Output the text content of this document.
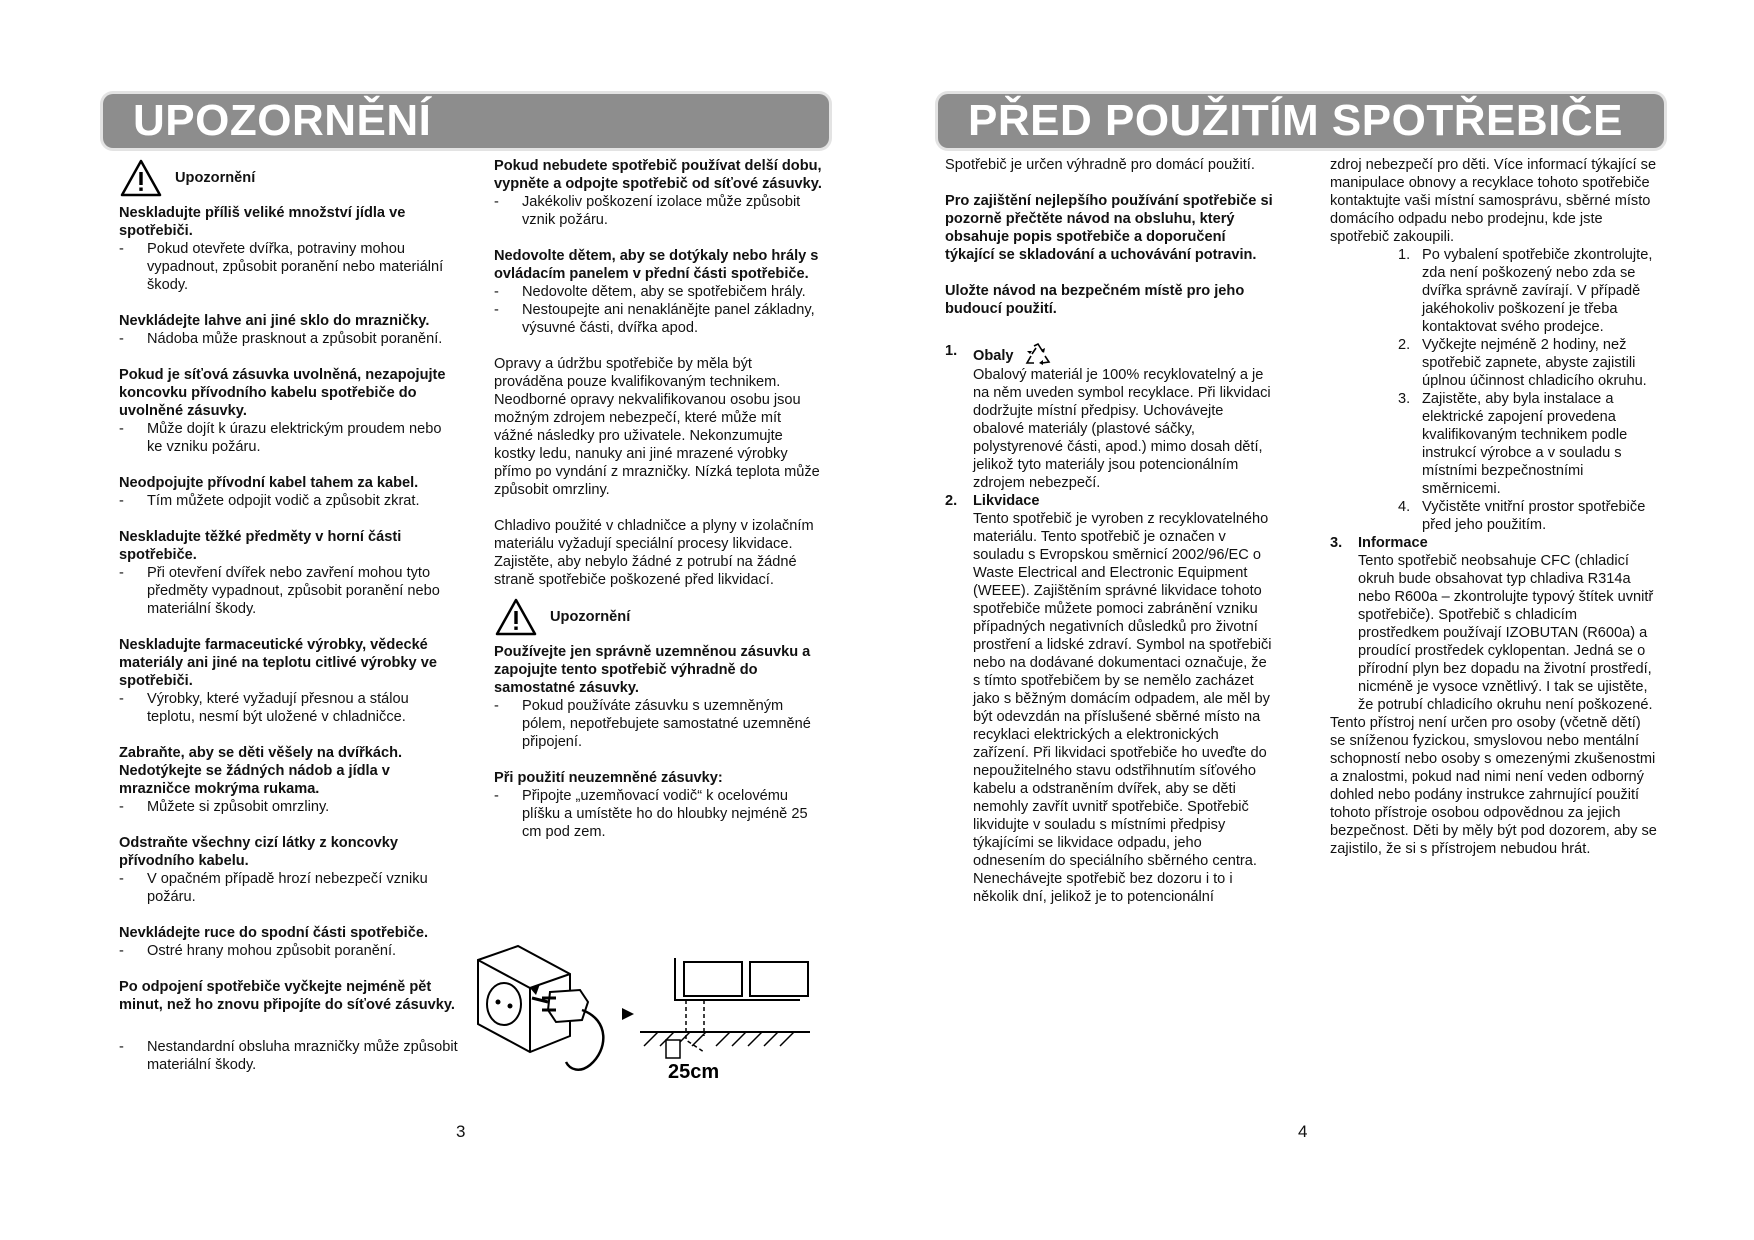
UPOZORNĚNÍ
Upozornění

Neskladujte příliš veliké množství jídla ve spotřebiči.

- Pokud otevřete dvířka, potraviny mohou vypadnout, způsobit poranění nebo materiální škody.

Nevkládejte lahve ani jiné sklo do mrazničky.

- Nádoba může prasknout a způsobit poranění.

Pokud je síťová zásuvka uvolněná, nezapojujte koncovku přívodního kabelu spotřebiče do uvolněné zásuvky.

- Může dojít k úrazu elektrickým proudem nebo ke vzniku požáru.

Neodpojujte přívodní kabel tahem za kabel.

- Tím můžete odpojit vodič a způsobit zkrat.

Neskladujte těžké předměty v horní části spotřebiče.

- Při otevření dvířek nebo zavření mohou tyto předměty vypadnout, způsobit poranění nebo materiální škody.

Neskladujte farmaceutické výrobky, vědecké materiály ani jiné na teplotu citlivé výrobky ve spotřebiči.

- Výrobky, které vyžadují přesnou a stálou teplotu, nesmí být uložené v chladničce.

Zabraňte, aby se děti věšely na dvířkách. Nedotýkejte se žádných nádob a jídla v mrazničce mokrýma rukama.

- Můžete si způsobit omrzliny.

Odstraňte všechny cizí látky z koncovky přívodního kabelu.

- V opačném případě hrozí nebezpečí vzniku požáru.

Nevkládejte ruce do spodní části spotřebiče.

- Ostré hrany mohou způsobit poranění.

Po odpojení spotřebiče vyčkejte nejméně pět minut, než ho znovu připojíte do síťové zásuvky.

- Nestandardní obsluha mrazničky může způsobit materiální škody.

Pokud nebudete spotřebič používat delší dobu, vypněte a odpojte spotřebič od síťové zásuvky.

- Jakékoliv poškození izolace může způsobit vznik požáru.

Nedovolte dětem, aby se dotýkaly nebo hrály s ovládacím panelem v přední části spotřebiče.

- Nedovolte dětem, aby se spotřebičem hrály.

- Nestoupejte ani nenaklánějte panel základny, výsuvné části, dvířka apod.

Opravy a údržbu spotřebiče by měla být prováděna pouze kvalifikovaným technikem. Neodborné opravy nekvalifikovanou osobu jsou možným zdrojem nebezpečí, které může mít vážné následky pro uživatele. Nekonzumujte kostky ledu, nanuky ani jiné mrazené výrobky přímo po vyndání z mrazničky. Nízká teplota může způsobit omrzliny.

Chladivo použité v chladničce a plyny v izolačním materiálu vyžadují speciální procesy likvidace. Zajistěte, aby nebylo žádné z potrubí na žádné straně spotřebiče poškozené před likvidací.

Upozornění

Používejte jen správně uzemněnou zásuvku a zapojujte tento spotřebič výhradně do samostatné zásuvky.

- Pokud používáte zásuvku s uzemněným pólem, nepotřebujete samostatné uzemněné připojení.

Při použití neuzemněné zásuvky:

- Připojte „uzemňovací vodič“ k ocelovému plíšku a umístěte ho do hloubky nejméně 25 cm pod zem.

25cm
3
PŘED POUŽITÍM SPOTŘEBIČE

Spotřebič je určen výhradně pro domácí použití.

Pro zajištění nejlepšího používání spotřebiče si pozorně přečtěte návod na obsluhu, který obsahuje popis spotřebiče a doporučení týkající se skladování a uchovávání potravin.

Uložte návod na bezpečném místě pro jeho budoucí použití.

1. Obaly

Obalový materiál je 100% recyklovatelný a je na něm uveden symbol recyklace. Při likvidaci dodržujte místní předpisy. Uchovávejte obalové materiály (plastové sáčky, polystyrenové části, apod.) mimo dosah dětí, jelikož tyto materiály jsou potencionálním zdrojem nebezpečí.

2. Likvidace

Tento spotřebič je vyroben z recyklovatelného materiálu. Tento spotřebič je označen v souladu s Evropskou směrnicí 2002/96/EC o Waste Electrical and Electronic Equipment (WEEE). Zajištěním správné likvidace tohoto spotřebiče můžete pomoci zabránění vzniku případných negativních důsledků pro životní prostření a lidské zdraví. Symbol na spotřebiči nebo na dodávané dokumentaci označuje, že s tímto spotřebičem by se nemělo zacházet jako s běžným domácím odpadem, ale měl by být odevzdán na příslušené sběrné místo na recyklaci elektrických a elektronických zařízení. Při likvidaci spotřebiče ho uveďte do nepoužitelného stavu odstřihnutím síťového kabelu a odstraněním dvířek, aby se děti nemohly zavřít uvnitř spotřebiče. Spotřebič likvidujte v souladu s místními předpisy týkajícími se likvidace odpadu, jeho odnesením do speciálního sběrného centra. Nenechávejte spotřebič bez dozoru i to i několik dní, jelikož je to potencionální

zdroj nebezpečí pro děti. Více informací týkající se manipulace obnovy a recyklace tohoto spotřebiče kontaktujte vaši místní samosprávu, sběrné místo domácího odpadu nebo prodejnu, kde jste spotřebič zakoupili.

1. Po vybalení spotřebiče zkontrolujte, zda není poškozený nebo zda se dvířka správně zavírají. V případě jakéhokoliv poškození je třeba kontaktovat svého prodejce.

2. Vyčkejte nejméně 2 hodiny, než spotřebič zapnete, abyste zajistili úplnou účinnost chladicího okruhu.

3. Zajistěte, aby byla instalace a elektrické zapojení provedena kvalifikovaným technikem podle instrukcí výrobce a v souladu s místními bezpečnostními směrnicemi.

4. Vyčistěte vnitřní prostor spotřebiče před jeho použitím.

3. Informace

Tento spotřebič neobsahuje CFC (chladicí okruh bude obsahovat typ chladiva R314a nebo R600a – zkontrolujte typový štítek uvnitř spotřebiče). Spotřebič s chladicím prostředkem používají IZOBUTAN (R600a) a proudící prostředek cyklopentan. Jedná se o přírodní plyn bez dopadu na životní prostředí, nicméně je vysoce vznětlivý. I tak se ujistěte, že potrubí chladicího okruhu není poškozené.

Tento přístroj není určen pro osoby (včetně dětí) se sníženou fyzickou, smyslovou nebo mentální schopností nebo osoby s omezenými zkušenostmi a znalostmi, pokud nad nimi není veden odborný dohled nebo podány instrukce zahrnující použití tohoto přístroje osobou odpovědnou za jejich bezpečnost. Děti by měly být pod dozorem, aby se zajistilo, že si s přístrojem nebudou hrát.

4
